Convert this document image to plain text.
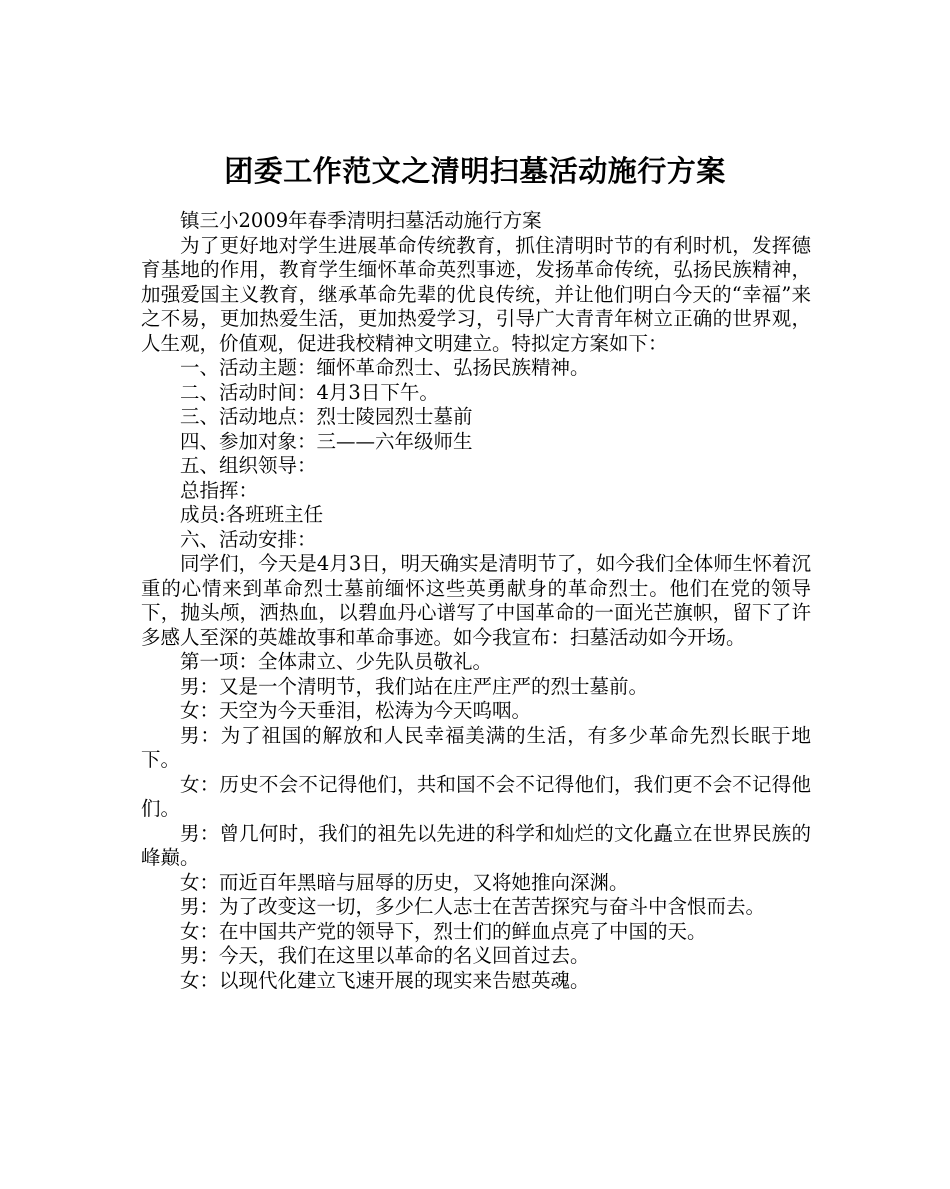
团委工作范文之清明扫墓活动施行方案

镇三小2009年春季清明扫墓活动施行方案

为了更好地对学生进展革命传统教育，抓住清明时节的有利时机，发挥德育基地的作用，教育学生缅怀革命英烈事迹，发扬革命传统，弘扬民族精神，加强爱国主义教育，继承革命先辈的优良传统，并让他们明白今天的“幸福”来之不易，更加热爱生活，更加热爱学习，引导广大青青年树立正确的世界观，人生观，价值观，促进我校精神文明建立。特拟定方案如下：

一、活动主题：缅怀革命烈士、弘扬民族精神。

二、活动时间：4月3日下午。

三、活动地点：烈士陵园烈士墓前

四、参加对象：三——六年级师生

五、组织领导：

总指挥：

成员:各班班主任

六、活动安排：

同学们，今天是4月3日，明天确实是清明节了，如今我们全体师生怀着沉重的心情来到革命烈士墓前缅怀这些英勇献身的革命烈士。他们在党的领导下，抛头颅，洒热血，以碧血丹心谱写了中国革命的一面光芒旗帜，留下了许多感人至深的英雄故事和革命事迹。如今我宣布：扫墓活动如今开场。

第一项：全体肃立、少先队员敬礼。

男：又是一个清明节，我们站在庄严庄严的烈士墓前。

女：天空为今天垂泪，松涛为今天呜咽。

男：为了祖国的解放和人民幸福美满的生活，有多少革命先烈长眠于地下。

女：历史不会不记得他们，共和国不会不记得他们，我们更不会不记得他们。

男：曾几何时，我们的祖先以先进的科学和灿烂的文化矗立在世界民族的峰巅。

女：而近百年黑暗与屈辱的历史，又将她推向深渊。

男：为了改变这一切，多少仁人志士在苦苦探究与奋斗中含恨而去。

女：在中国共产党的领导下，烈士们的鲜血点亮了中国的天。

男：今天，我们在这里以革命的名义回首过去。

女：以现代化建立飞速开展的现实来告慰英魂。
